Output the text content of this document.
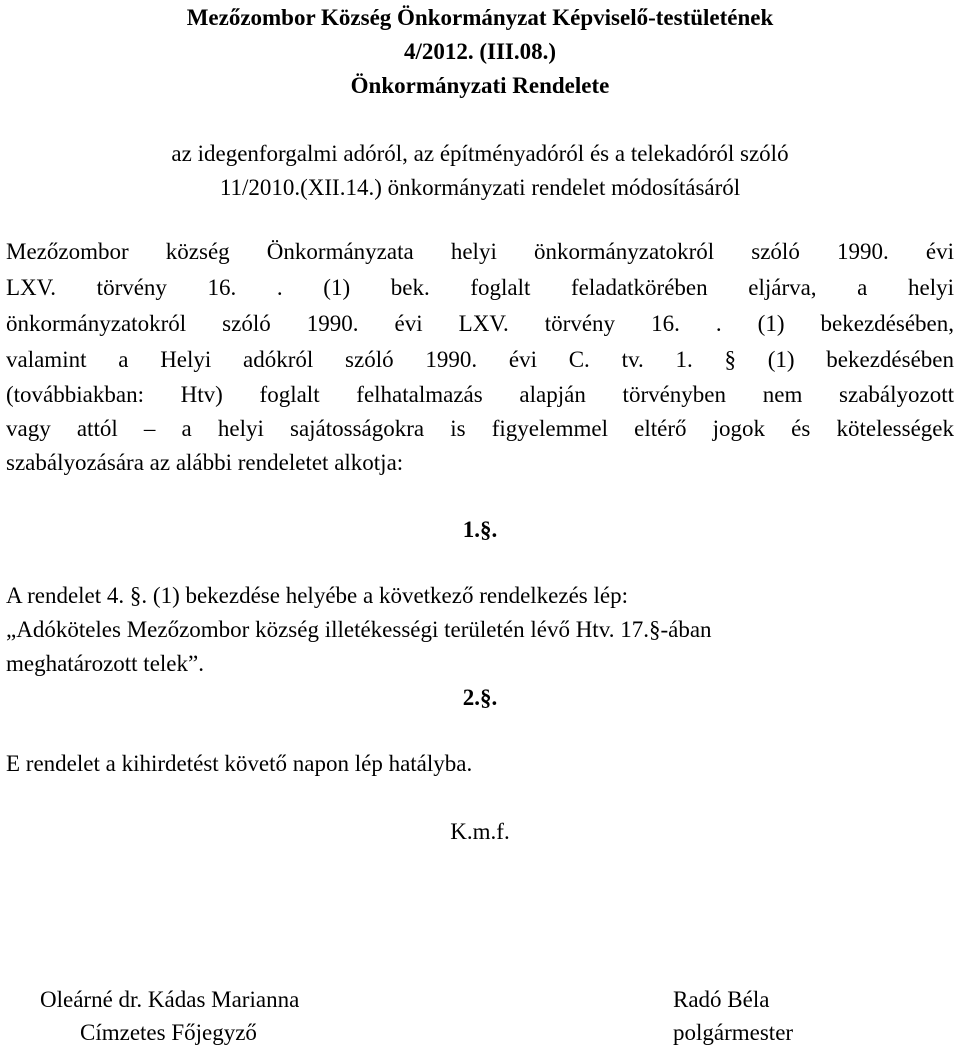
Mezőzombor Község Önkormányzat Képviselő-testületének
4/2012. (III.08.)
Önkormányzati Rendelete
az idegenforgalmi adóról, az építményadóról és a telekadóról szóló
11/2010.(XII.14.) önkormányzati rendelet módosításáról
Mezőzombor község Önkormányzata helyi önkormányzatokról szóló 1990. évi
LXV. törvény 16. . (1) bek. foglalt feladatkörében eljárva, a helyi
önkormányzatokról szóló 1990. évi LXV. törvény 16. . (1) bekezdésében,
valamint a Helyi adókról szóló 1990. évi C. tv. 1. § (1) bekezdésében
(továbbiakban: Htv) foglalt felhatalmazás alapján törvényben nem szabályozott
vagy attól – a helyi sajátosságokra is figyelemmel eltérő jogok és kötelességek
szabályozására az alábbi rendeletet alkotja:
1.§.
A rendelet 4. §. (1) bekezdése helyébe a következő rendelkezés lép:
„Adóköteles Mezőzombor község illetékességi területén lévő Htv. 17.§-ában
meghatározott telek”.
2.§.
E rendelet a kihirdetést követő napon lép hatályba.
K.m.f.
Oleárné dr. Kádas Marianna
Címzetes Főjegyző
Radó Béla
polgármester
